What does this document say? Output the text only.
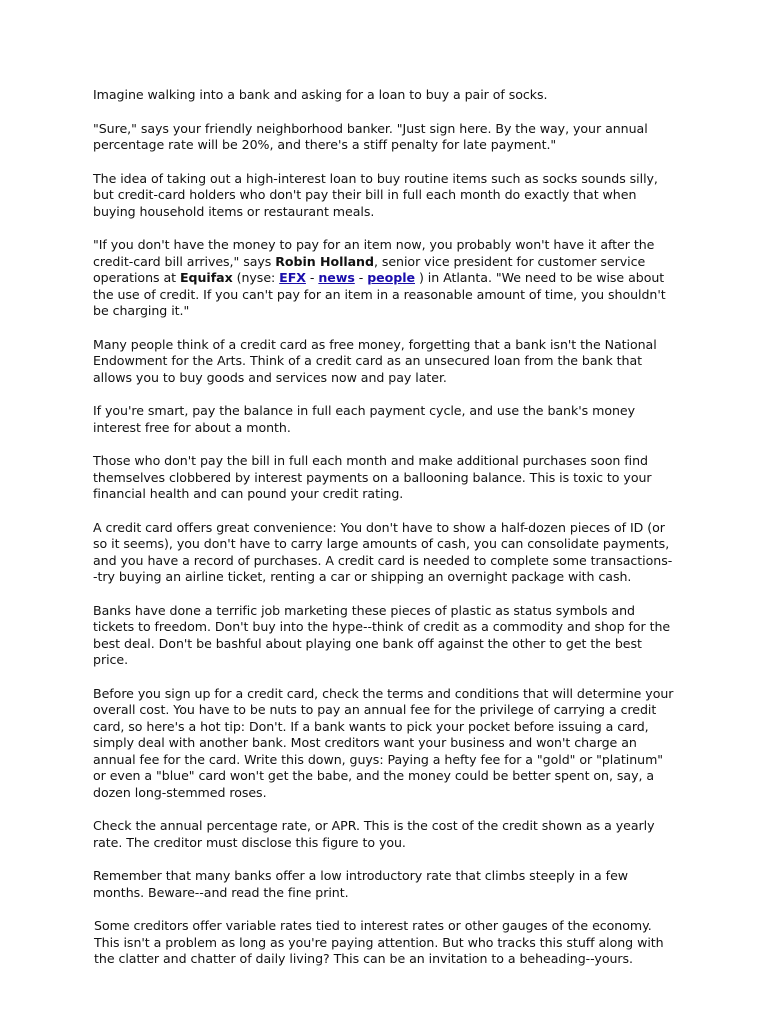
Imagine walking into a bank and asking for a loan to buy a pair of socks.

"Sure," says your friendly neighborhood banker. "Just sign here. By the way, your annual percentage rate will be 20%, and there's a stiff penalty for late payment."

The idea of taking out a high-interest loan to buy routine items such as socks sounds silly, but credit-card holders who don't pay their bill in full each month do exactly that when buying household items or restaurant meals.

"If you don't have the money to pay for an item now, you probably won't have it after the credit-card bill arrives," says Robin Holland, senior vice president for customer service operations at Equifax (nyse: EFX - news - people ) in Atlanta. "We need to be wise about the use of credit. If you can't pay for an item in a reasonable amount of time, you shouldn't be charging it."

Many people think of a credit card as free money, forgetting that a bank isn't the National Endowment for the Arts. Think of a credit card as an unsecured loan from the bank that allows you to buy goods and services now and pay later.

If you're smart, pay the balance in full each payment cycle, and use the bank's money interest free for about a month.

Those who don't pay the bill in full each month and make additional purchases soon find themselves clobbered by interest payments on a ballooning balance. This is toxic to your financial health and can pound your credit rating.

A credit card offers great convenience: You don't have to show a half-dozen pieces of ID (or so it seems), you don't have to carry large amounts of cash, you can consolidate payments, and you have a record of purchases. A credit card is needed to complete some transactions--try buying an airline ticket, renting a car or shipping an overnight package with cash.

Banks have done a terrific job marketing these pieces of plastic as status symbols and tickets to freedom. Don't buy into the hype--think of credit as a commodity and shop for the best deal. Don't be bashful about playing one bank off against the other to get the best price.

Before you sign up for a credit card, check the terms and conditions that will determine your overall cost. You have to be nuts to pay an annual fee for the privilege of carrying a credit card, so here's a hot tip: Don't. If a bank wants to pick your pocket before issuing a card, simply deal with another bank. Most creditors want your business and won't charge an annual fee for the card. Write this down, guys: Paying a hefty fee for a "gold" or "platinum" or even a "blue" card won't get the babe, and the money could be better spent on, say, a dozen long-stemmed roses.

Check the annual percentage rate, or APR. This is the cost of the credit shown as a yearly rate. The creditor must disclose this figure to you.

Remember that many banks offer a low introductory rate that climbs steeply in a few months. Beware--and read the fine print.

Some creditors offer variable rates tied to interest rates or other gauges of the economy. This isn't a problem as long as you're paying attention. But who tracks this stuff along with the clatter and chatter of daily living? This can be an invitation to a beheading--yours.
